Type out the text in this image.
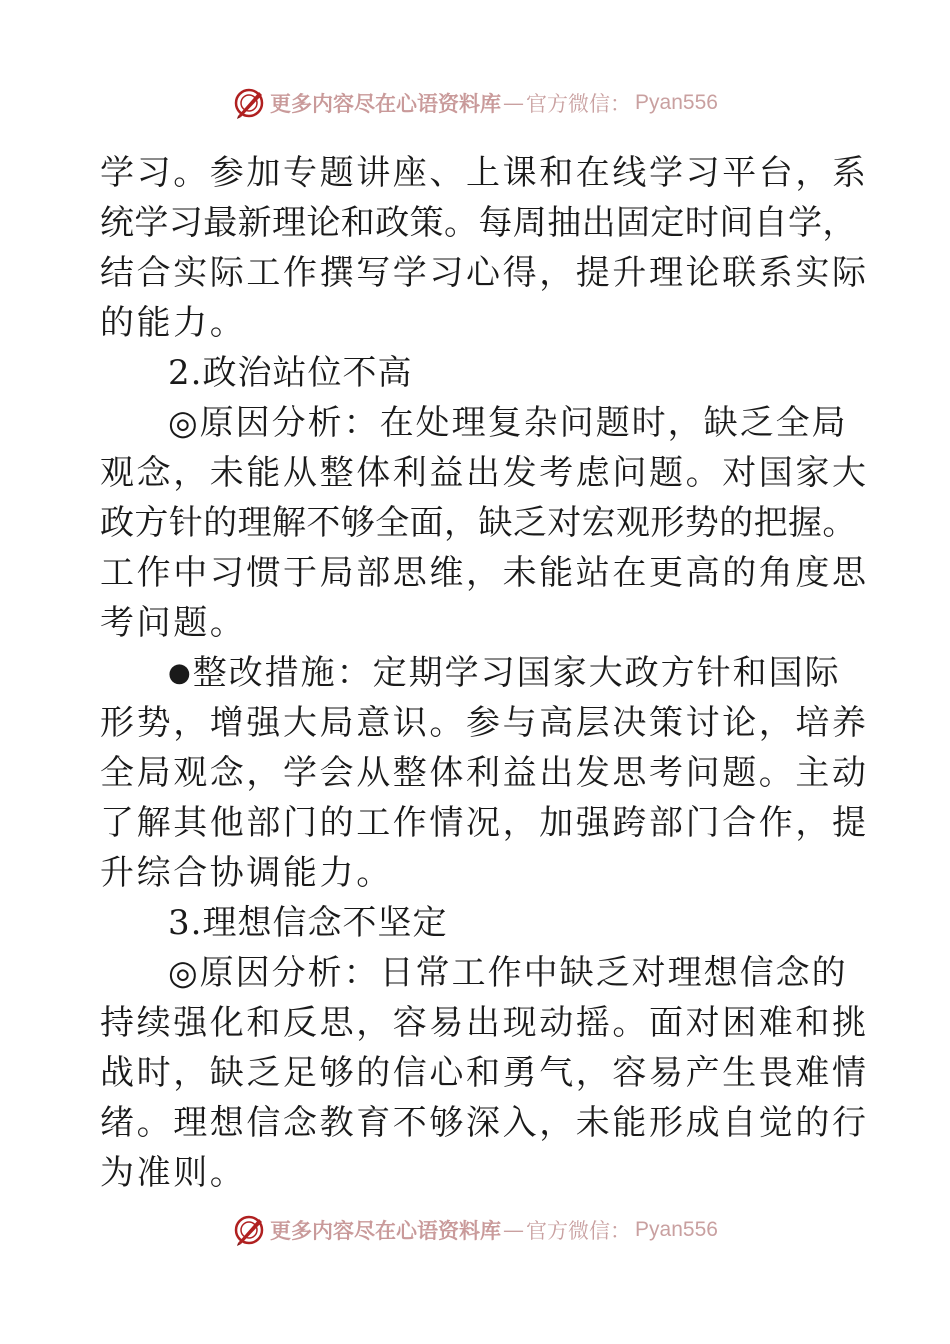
更多内容尽在心语资料库 — 官方微信： Pyan556
学习。参加专题讲座、上课和在线学习平台，系
统学习最新理论和政策。每周抽出固定时间自学，
结合实际工作撰写学习心得，提升理论联系实际
的能力。
2.政治站位不高
◎原因分析：在处理复杂问题时，缺乏全局
观念，未能从整体利益出发考虑问题。对国家大
政方针的理解不够全面，缺乏对宏观形势的把握。
工作中习惯于局部思维，未能站在更高的角度思
考问题。
●整改措施：定期学习国家大政方针和国际
形势，增强大局意识。参与高层决策讨论，培养
全局观念，学会从整体利益出发思考问题。主动
了解其他部门的工作情况，加强跨部门合作，提
升综合协调能力。
3.理想信念不坚定
◎原因分析：日常工作中缺乏对理想信念的
持续强化和反思，容易出现动摇。面对困难和挑
战时，缺乏足够的信心和勇气，容易产生畏难情
绪。理想信念教育不够深入，未能形成自觉的行
为准则。
更多内容尽在心语资料库 — 官方微信： Pyan556
